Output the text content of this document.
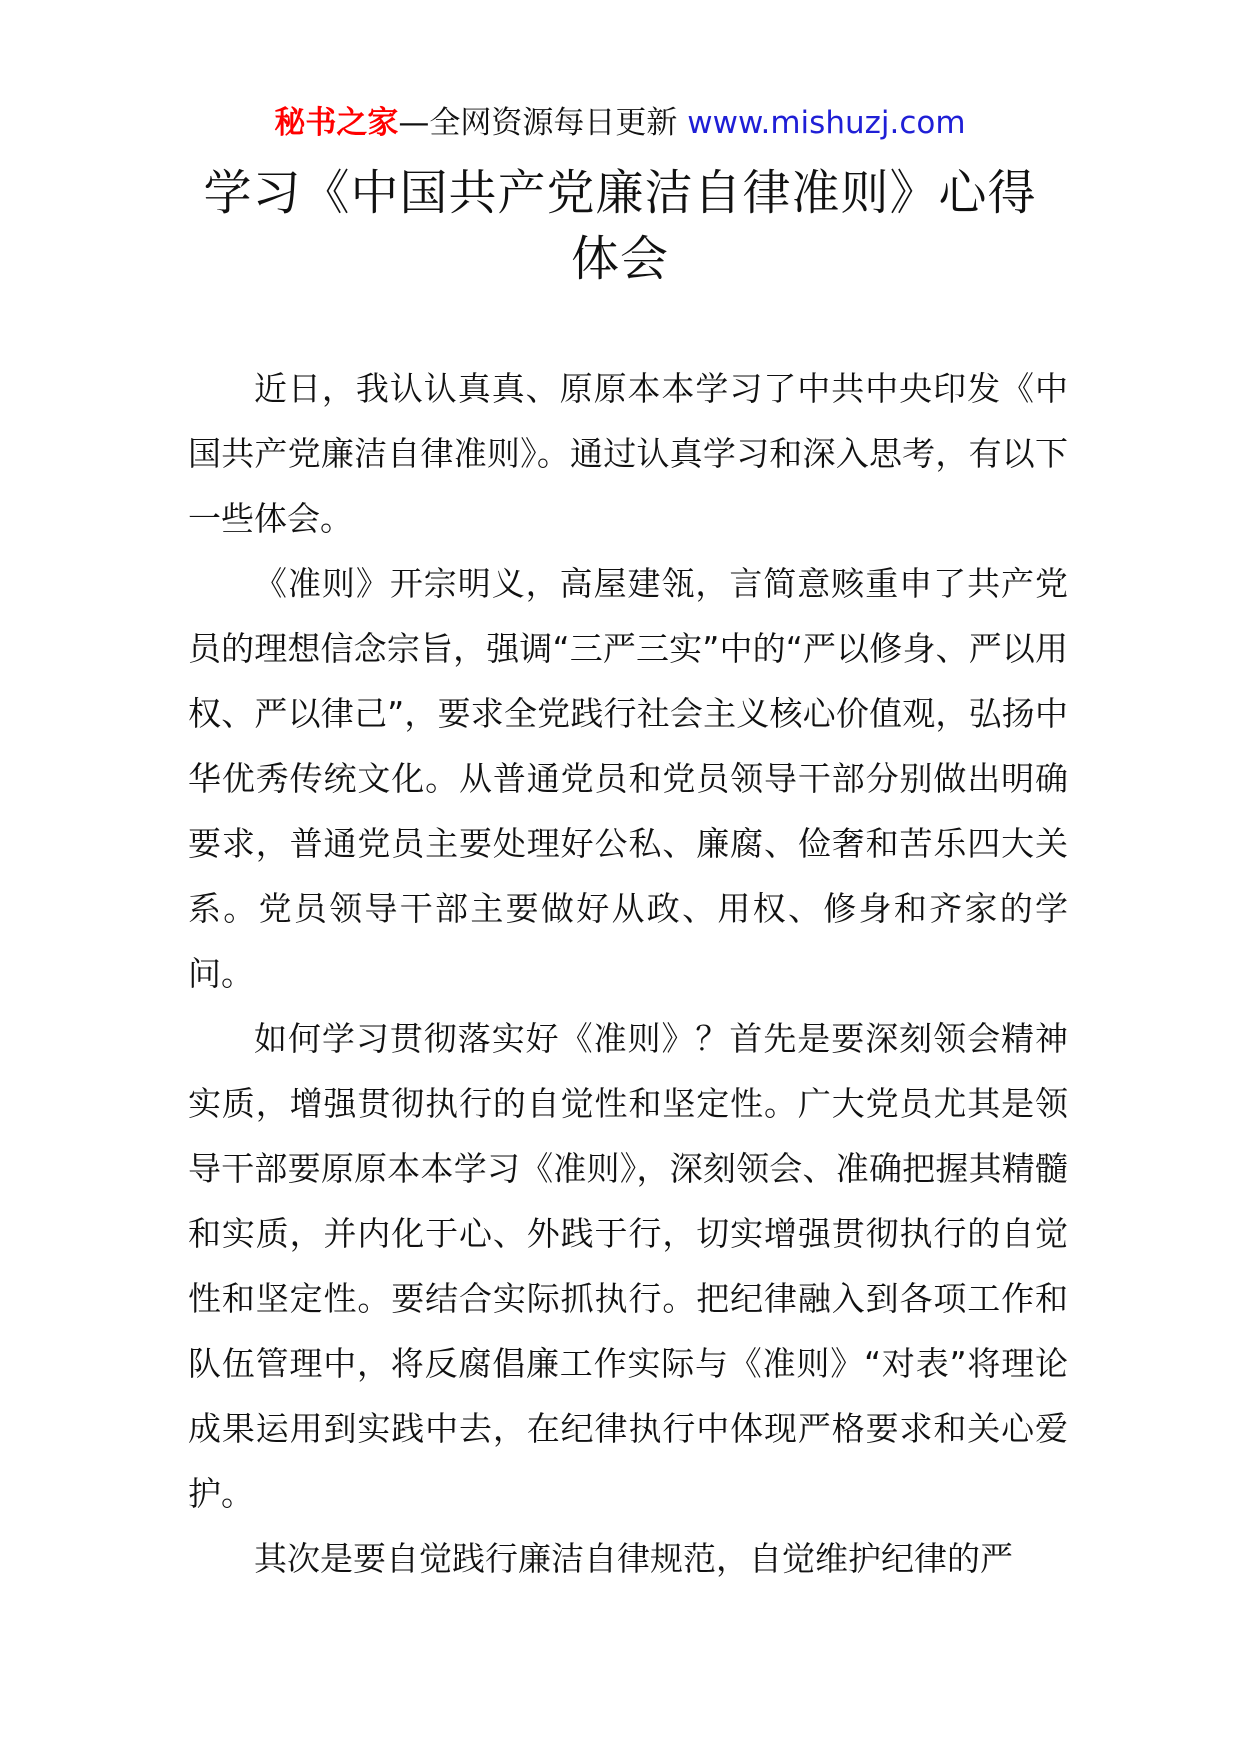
秘书之家—全网资源每日更新 www.mishuzj.com
学习《中国共产党廉洁自律准则》心得体会

近日，我认认真真、原原本本学习了中共中央印发《中国共产党廉洁自律准则》。通过认真学习和深入思考，有以下一些体会。

《准则》开宗明义，高屋建瓴，言简意赅重申了共产党员的理想信念宗旨，强调“三严三实”中的“严以修身、严以用权、严以律己”，要求全党践行社会主义核心价值观，弘扬中华优秀传统文化。从普通党员和党员领导干部分别做出明确要求，普通党员主要处理好公私、廉腐、俭奢和苦乐四大关系。党员领导干部主要做好从政、用权、修身和齐家的学问。

如何学习贯彻落实好《准则》？首先是要深刻领会精神实质，增强贯彻执行的自觉性和坚定性。广大党员尤其是领导干部要原原本本学习《准则》，深刻领会、准确把握其精髓和实质，并内化于心、外践于行，切实增强贯彻执行的自觉性和坚定性。要结合实际抓执行。把纪律融入到各项工作和队伍管理中，将反腐倡廉工作实际与《准则》“对表”将理论成果运用到实践中去，在纪律执行中体现严格要求和关心爱护。

其次是要自觉践行廉洁自律规范，自觉维护纪律的严
